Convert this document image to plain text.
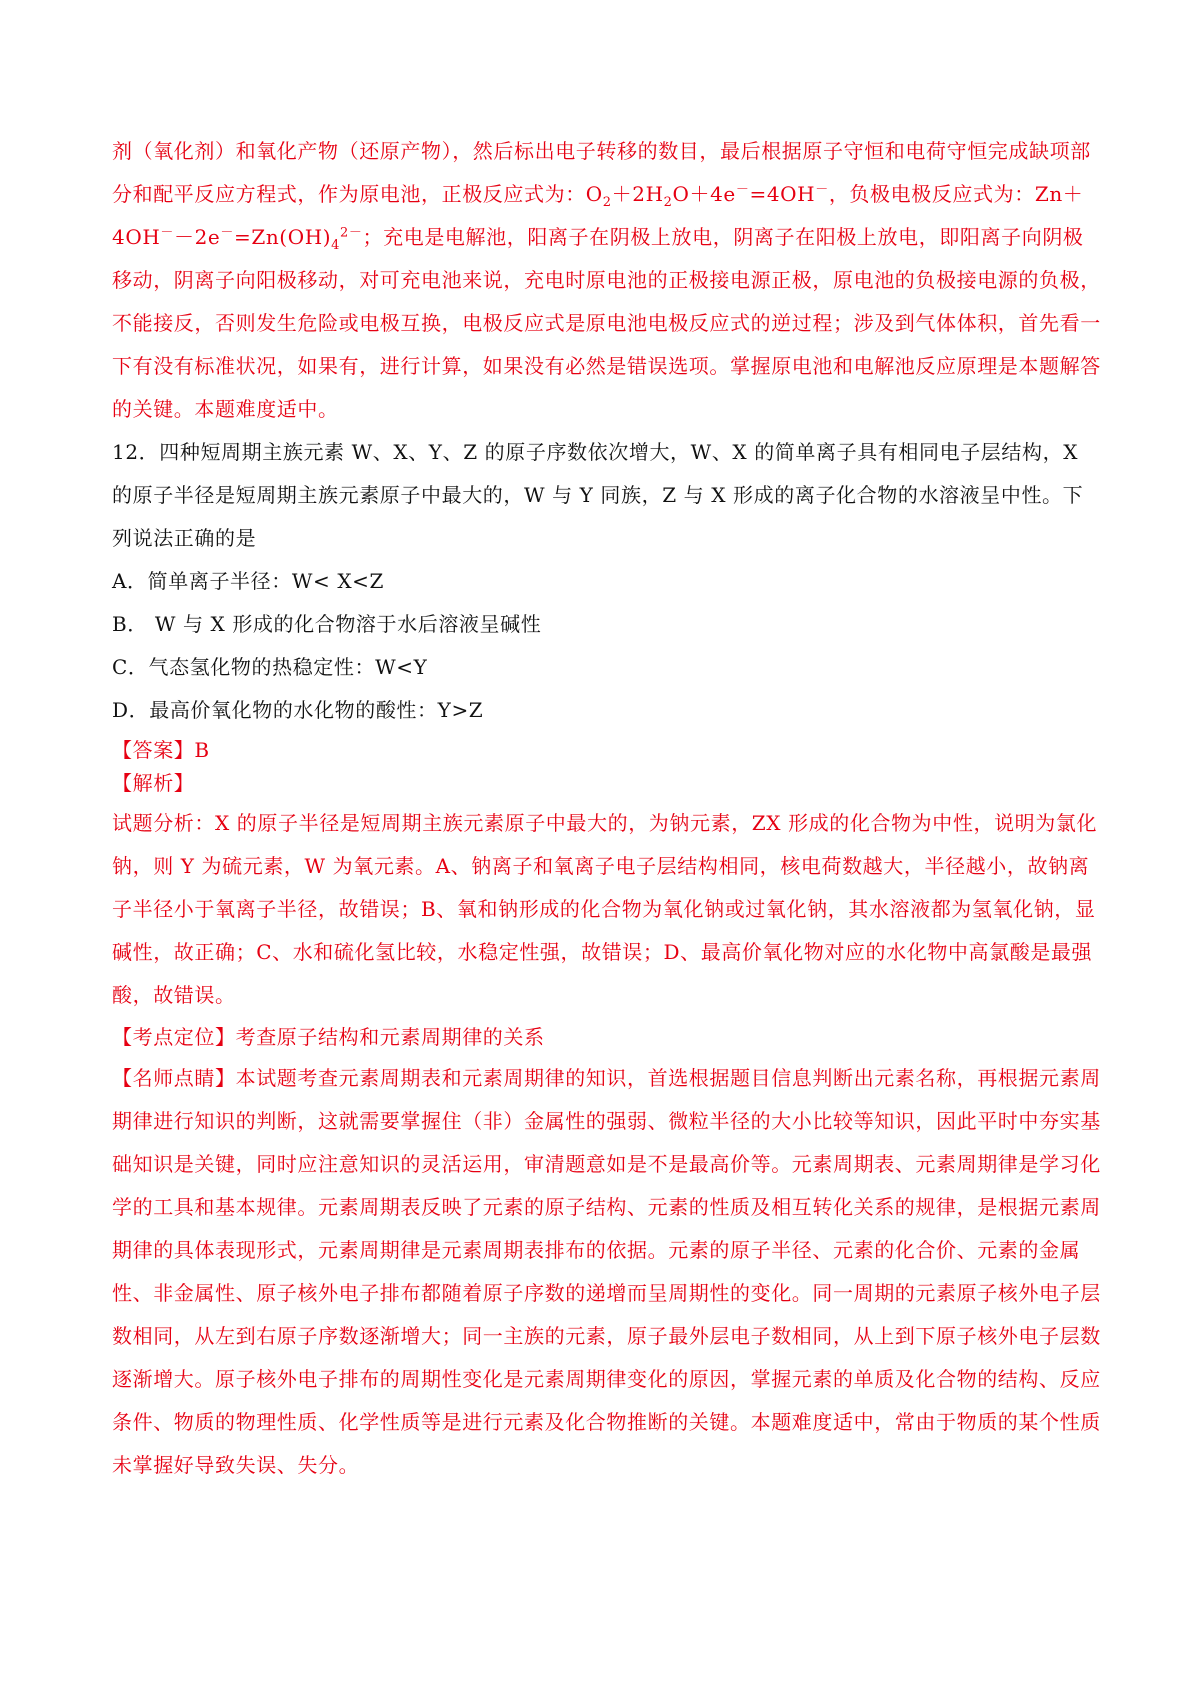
剂（氧化剂）和氧化产物（还原产物），然后标出电子转移的数目，最后根据原子守恒和电荷守恒完成缺项部分和配平反应方程式，作为原电池，正极反应式为：$O_2+2H_2O+4e^-=4OH^-$，负极电极反应式为：$Zn+4OH^--2e^-=Zn(OH)_4^{2-}$；充电是电解池，阳离子在阴极上放电，阴离子在阳极上放电，即阳离子向阴极移动，阴离子向阳极移动，对可充电池来说，充电时原电池的正极接电源正极，原电池的负极接电源的负极，不能接反，否则发生危险或电极互换，电极反应式是原电池电极反应式的逆过程；涉及到气体体积，首先看一下有没有标准状况，如果有，进行计算，如果没有必然是错误选项。掌握原电池和电解池反应原理是本题解答的关键。本题难度适中。

12．四种短周期主族元素 W、X、Y、Z 的原子序数依次增大，W、X 的简单离子具有相同电子层结构，X 的原子半径是短周期主族元素原子中最大的，W 与 Y 同族，Z 与 X 形成的离子化合物的水溶液呈中性。下列说法正确的是

A．简单离子半径：W< X<Z

B． W 与 X 形成的化合物溶于水后溶液呈碱性

C．气态氢化物的热稳定性：W<Y

D．最高价氧化物的水化物的酸性：Y>Z

【答案】B

【解析】

试题分析：X 的原子半径是短周期主族元素原子中最大的，为钠元素，ZX 形成的化合物为中性，说明为氯化钠，则 Y 为硫元素，W 为氧元素。A、钠离子和氧离子电子层结构相同，核电荷数越大，半径越小，故钠离子半径小于氧离子半径，故错误；B、氧和钠形成的化合物为氧化钠或过氧化钠，其水溶液都为氢氧化钠，显碱性，故正确；C、水和硫化氢比较，水稳定性强，故错误；D、最高价氧化物对应的水化物中高氯酸是最强酸，故错误。

【考点定位】考查原子结构和元素周期律的关系

【名师点睛】本试题考查元素周期表和元素周期律的知识，首选根据题目信息判断出元素名称，再根据元素周期律进行知识的判断，这就需要掌握住（非）金属性的强弱、微粒半径的大小比较等知识，因此平时中夯实基础知识是关键，同时应注意知识的灵活运用，审清题意如是不是最高价等。元素周期表、元素周期律是学习化学的工具和基本规律。元素周期表反映了元素的原子结构、元素的性质及相互转化关系的规律，是根据元素周期律的具体表现形式，元素周期律是元素周期表排布的依据。元素的原子半径、元素的化合价、元素的金属性、非金属性、原子核外电子排布都随着原子序数的递增而呈周期性的变化。同一周期的元素原子核外电子层数相同，从左到右原子序数逐渐增大；同一主族的元素，原子最外层电子数相同，从上到下原子核外电子层数逐渐增大。原子核外电子排布的周期性变化是元素周期律变化的原因，掌握元素的单质及化合物的结构、反应条件、物质的物理性质、化学性质等是进行元素及化合物推断的关键。本题难度适中，常由于物质的某个性质未掌握好导致失误、失分。
